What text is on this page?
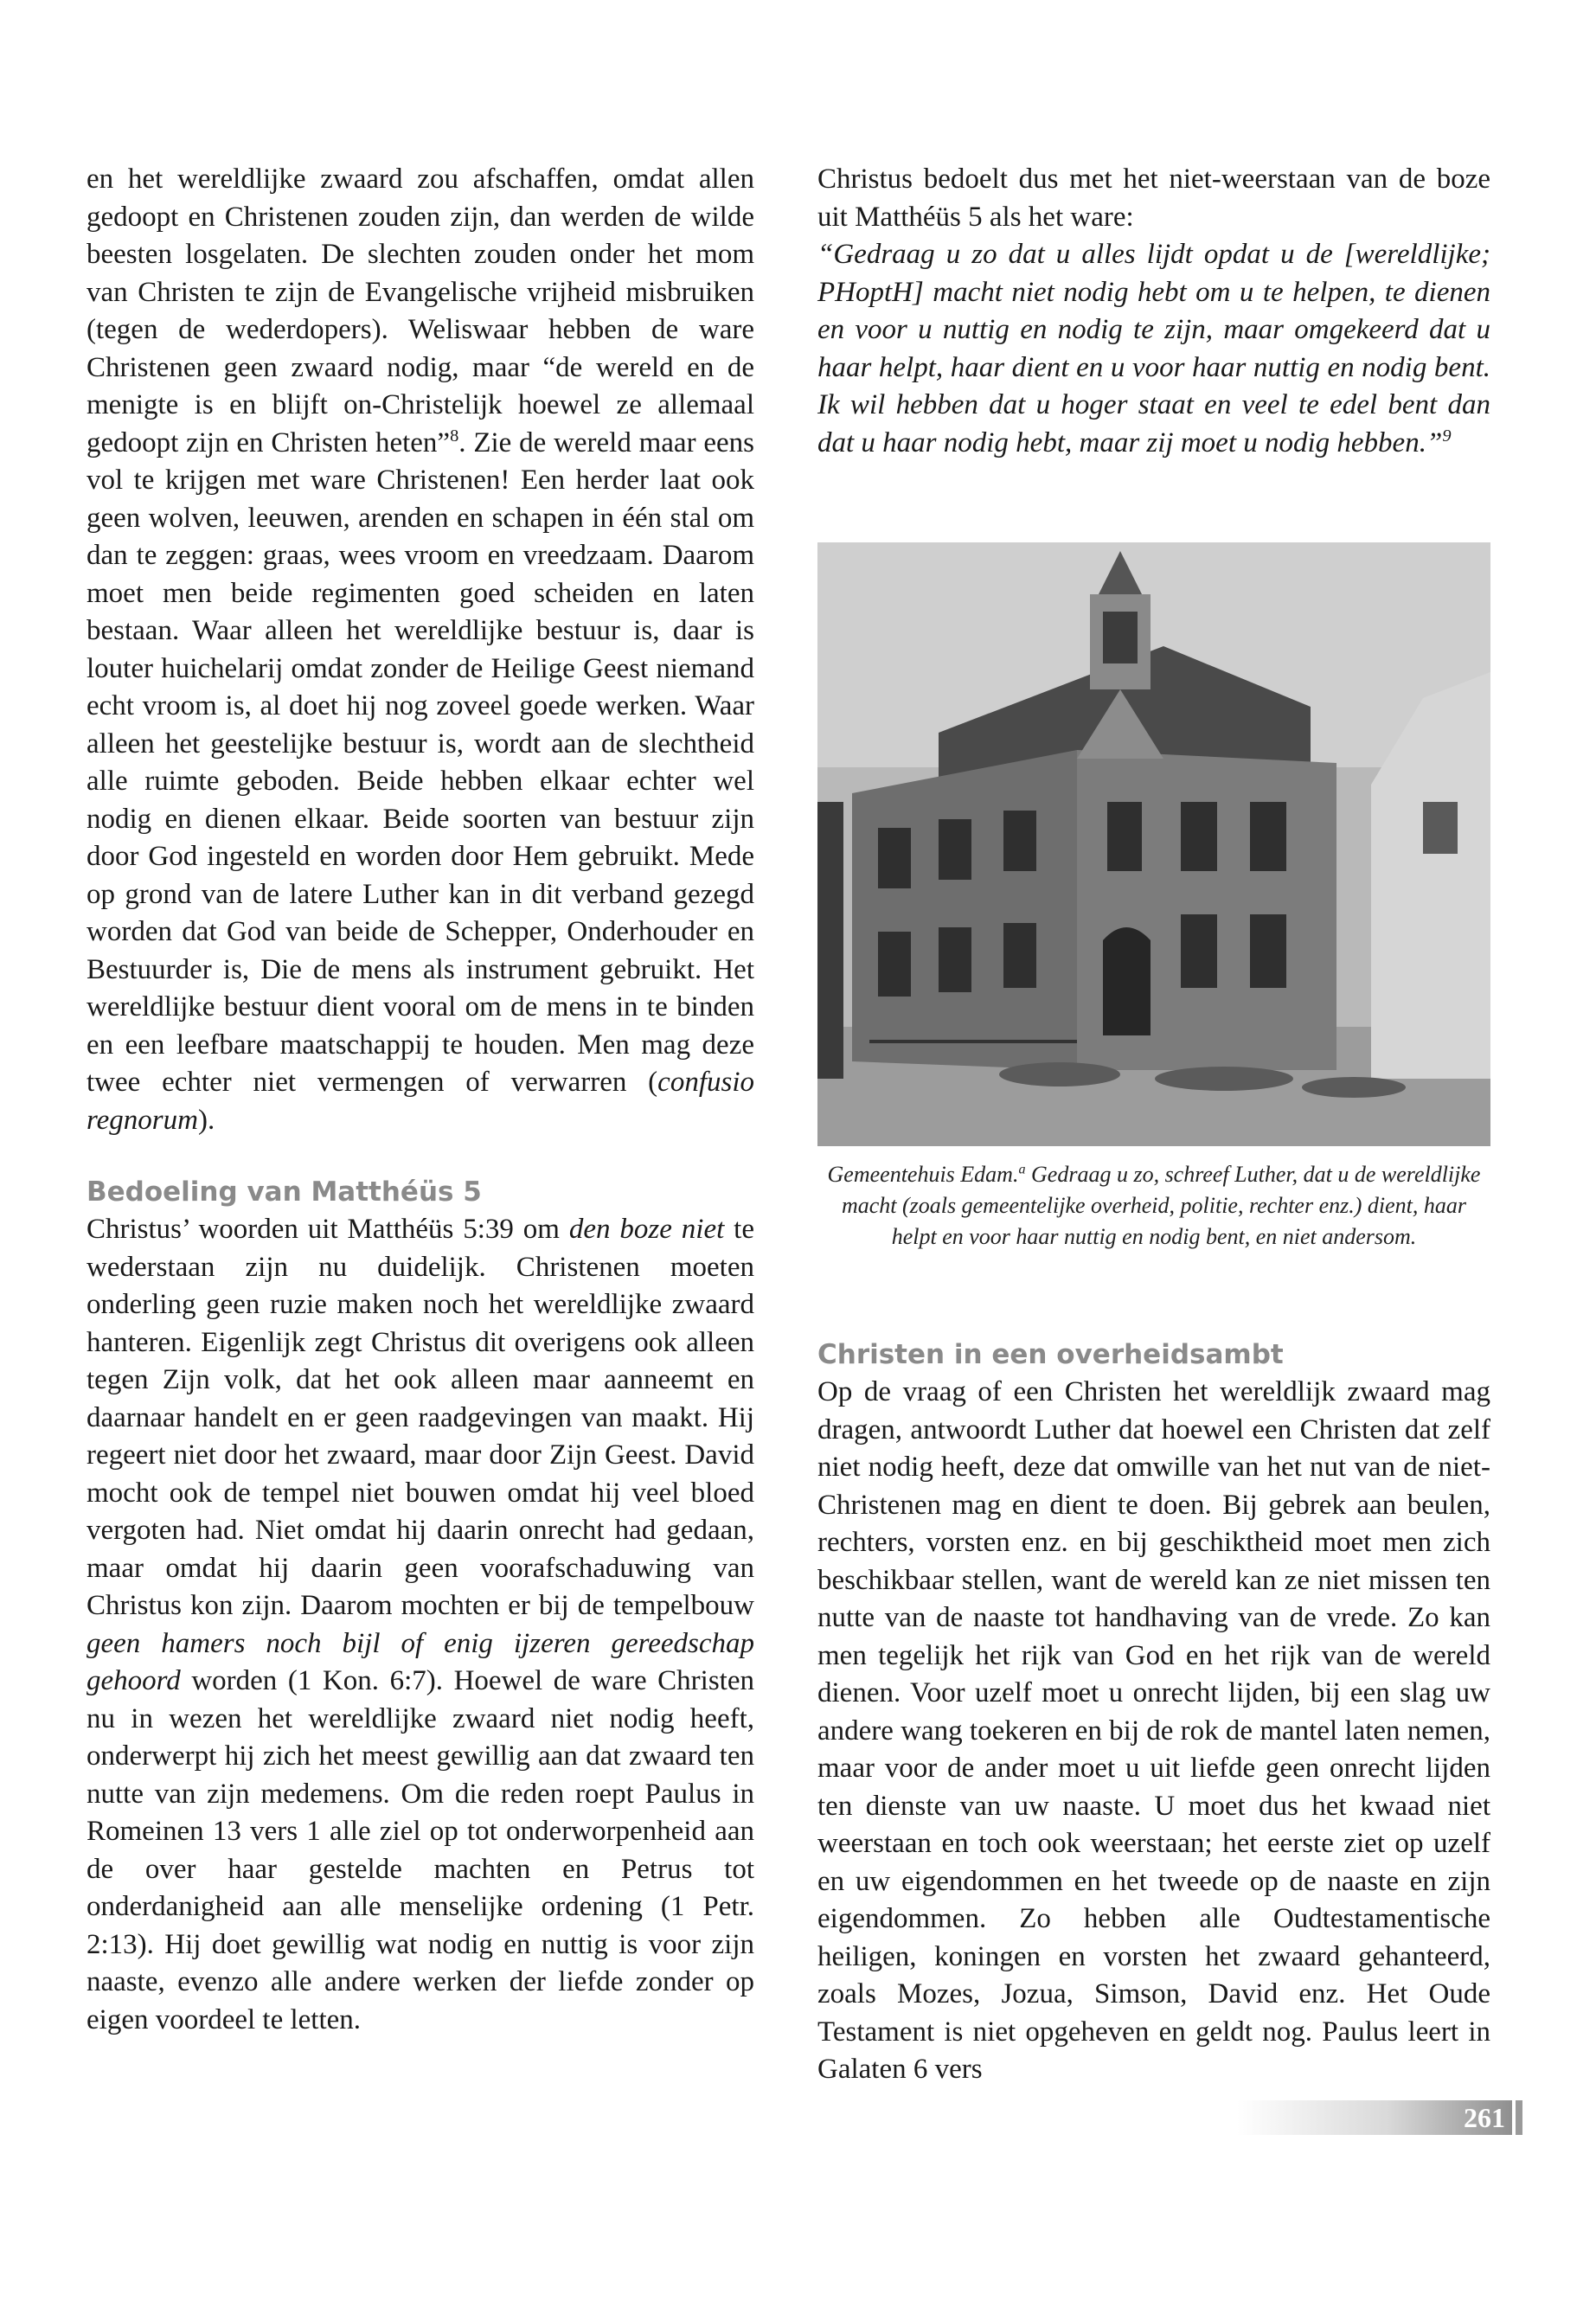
en het wereldlijke zwaard zou afschaffen, omdat allen gedoopt en Christenen zouden zijn, dan werden de wilde beesten losgelaten. De slechten zouden onder het mom van Christen te zijn de Evangelische vrijheid misbruiken (tegen de wederdopers). Weliswaar hebben de ware Christenen geen zwaard nodig, maar “de wereld en de menigte is en blijft on-Christelijk hoewel ze allemaal gedoopt zijn en Christen heten”$^8$. Zie de wereld maar eens vol te krijgen met ware Christenen! Een herder laat ook geen wolven, leeuwen, arenden en schapen in één stal om dan te zeggen: graas, wees vroom en vreedzaam. Daarom moet men beide regimenten goed scheiden en laten bestaan. Waar alleen het wereldlijke bestuur is, daar is louter huichelarij omdat zonder de Heilige Geest niemand echt vroom is, al doet hij nog zoveel goede werken. Waar alleen het geestelijke bestuur is, wordt aan de slechtheid alle ruimte geboden. Beide hebben elkaar echter wel nodig en dienen elkaar. Beide soorten van bestuur zijn door God ingesteld en worden door Hem gebruikt. Mede op grond van de latere Luther kan in dit verband gezegd worden dat God van beide de Schepper, Onderhouder en Bestuurder is, Die de mens als instrument gebruikt. Het wereldlijke bestuur dient vooral om de mens in te binden en een leefbare maatschappij te houden. Men mag deze twee echter niet vermengen of verwarren (confusio regnorum).

Bedoeling van Matthéüs 5

Christus’ woorden uit Matthéüs 5:39 om den boze niet te wederstaan zijn nu duidelijk. Christenen moeten onderling geen ruzie maken noch het wereldlijke zwaard hanteren. Eigenlijk zegt Christus dit overigens ook alleen tegen Zijn volk, dat het ook alleen maar aanneemt en daarnaar handelt en er geen raadgevingen van maakt. Hij regeert niet door het zwaard, maar door Zijn Geest. David mocht ook de tempel niet bouwen omdat hij veel bloed vergoten had. Niet omdat hij daarin onrecht had gedaan, maar omdat hij daarin geen voorafschaduwing van Christus kon zijn. Daarom mochten er bij de tempelbouw geen hamers noch bijl of enig ijzeren gereedschap gehoord worden (1 Kon. 6:7). Hoewel de ware Christen nu in wezen het wereldlijke zwaard niet nodig heeft, onderwerpt hij zich het meest gewillig aan dat zwaard ten nutte van zijn medemens. Om die reden roept Paulus in Romeinen 13 vers 1 alle ziel op tot onderworpenheid aan de over haar gestelde machten en Petrus tot onderdanigheid aan alle menselijke ordening (1 Petr. 2:13). Hij doet gewillig wat nodig en nuttig is voor zijn naaste, evenzo alle andere werken der liefde zonder op eigen voordeel te letten.

Christus bedoelt dus met het niet-weerstaan van de boze uit Matthéüs 5 als het ware:

“Gedraag u zo dat u alles lijdt opdat u de [wereldlijke; PHoptH] macht niet nodig hebt om u te helpen, te dienen en voor u nuttig en nodig te zijn, maar omgekeerd dat u haar helpt, haar dient en u voor haar nuttig en nodig bent. Ik wil hebben dat u hoger staat en veel te edel bent dan dat u haar nodig hebt, maar zij moet u nodig hebben.”$^9$

Gemeentehuis Edam.$^a$ Gedraag u zo, schreef Luther, dat u de wereldlijke macht (zoals gemeentelijke overheid, politie, rechter enz.) dient, haar helpt en voor haar nuttig en nodig bent, en niet andersom.
Christen in een overheidsambt

Op de vraag of een Christen het wereldlijk zwaard mag dragen, antwoordt Luther dat hoewel een Christen dat zelf niet nodig heeft, deze dat omwille van het nut van de niet-Christenen mag en dient te doen. Bij gebrek aan beulen, rechters, vorsten enz. en bij geschiktheid moet men zich beschikbaar stellen, want de wereld kan ze niet missen ten nutte van de naaste tot handhaving van de vrede. Zo kan men tegelijk het rijk van God en het rijk van de wereld dienen. Voor uzelf moet u onrecht lijden, bij een slag uw andere wang toekeren en bij de rok de mantel laten nemen, maar voor de ander moet u uit liefde geen onrecht lijden ten dienste van uw naaste. U moet dus het kwaad niet weerstaan en toch ook weerstaan; het eerste ziet op uzelf en uw eigendommen en het tweede op de naaste en zijn eigendommen. Zo hebben alle Oudtestamentische heiligen, koningen en vorsten het zwaard gehanteerd, zoals Mozes, Jozua, Simson, David enz. Het Oude Testament is niet opgeheven en geldt nog. Paulus leert in Galaten 6 vers

261
